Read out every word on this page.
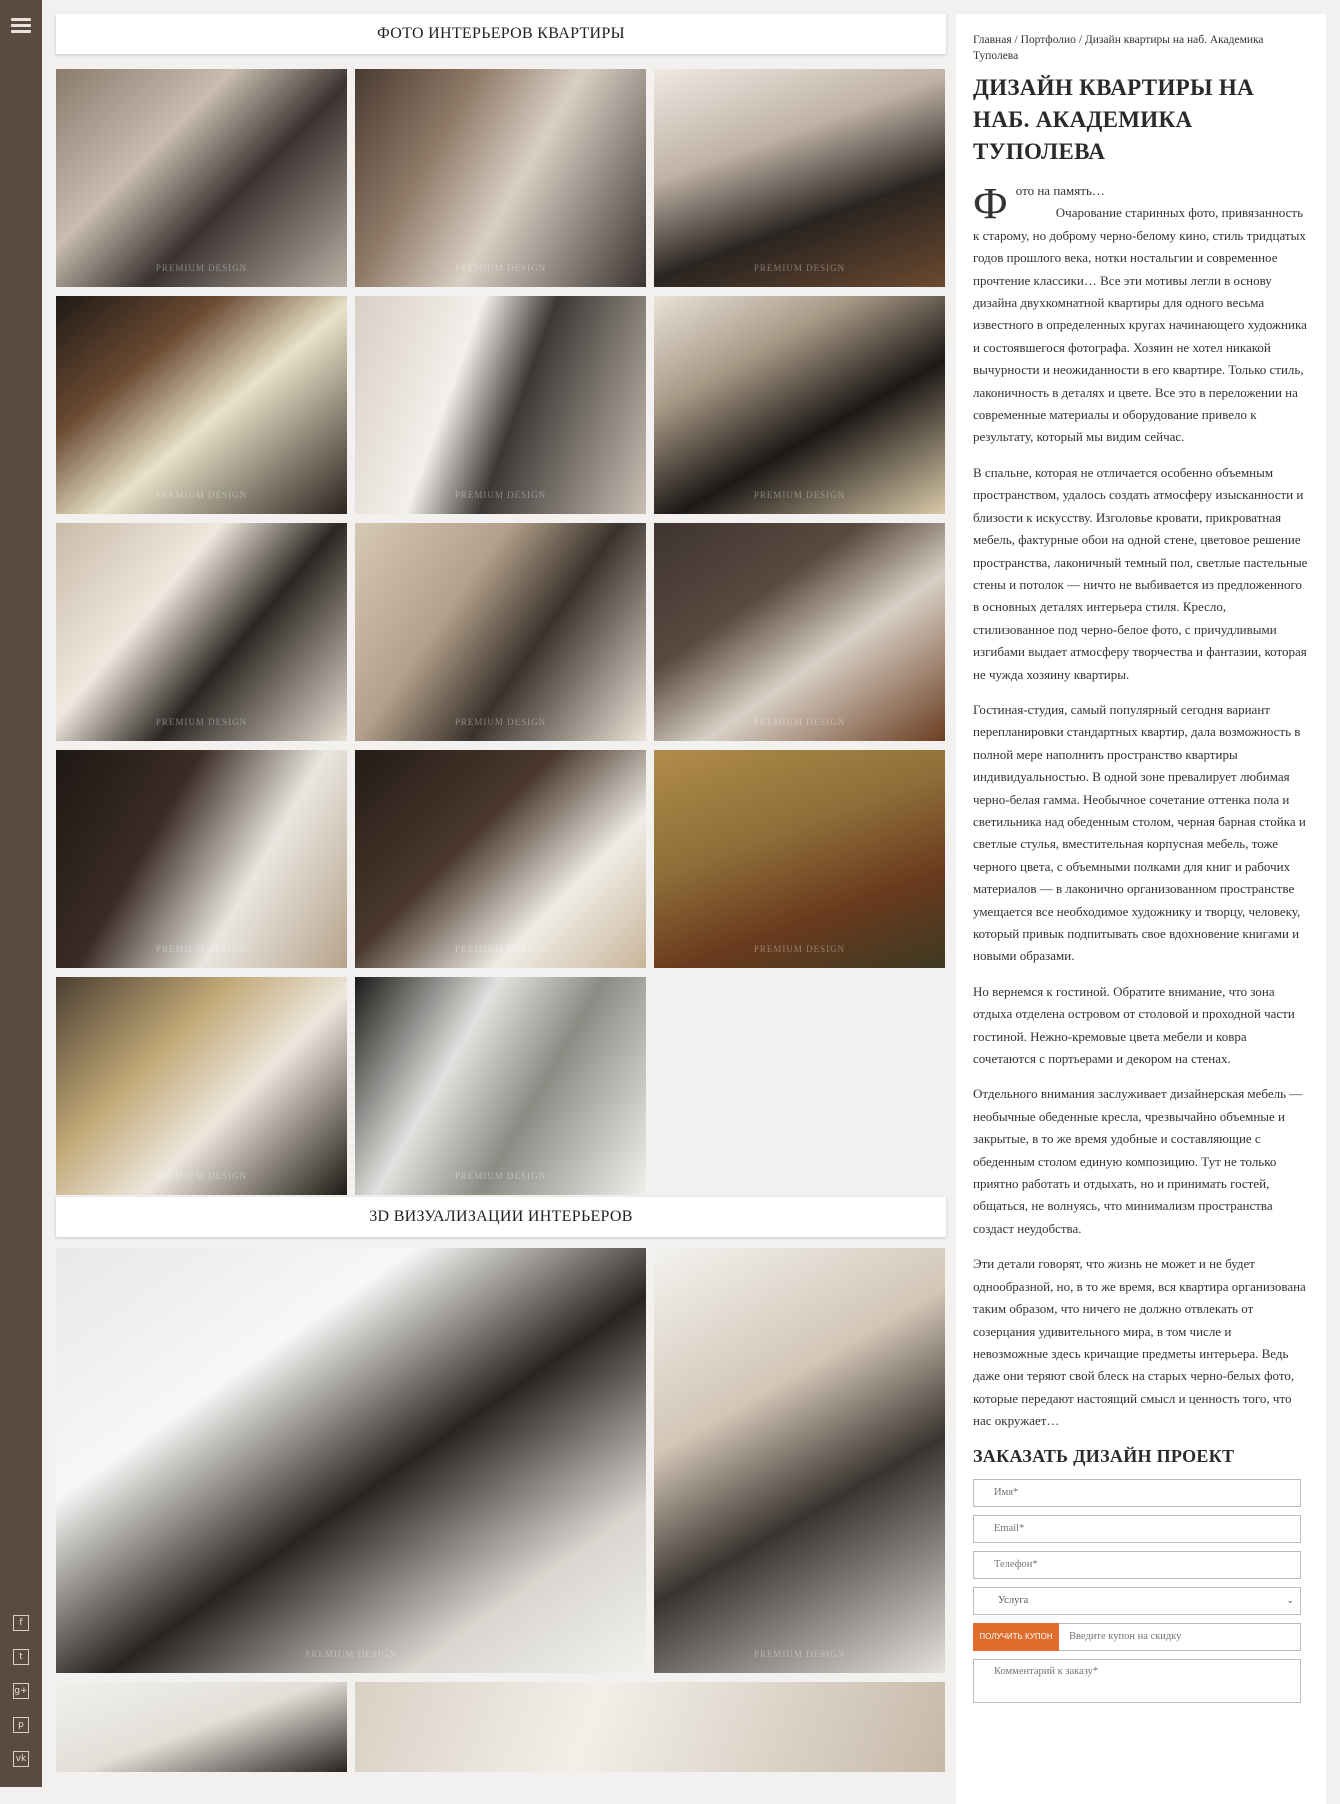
f
t
g+
p
vk
ФОТО ИНТЕРЬЕРОВ КВАРТИРЫ
PREMIUM DESIGN	PREMIUM DESIGN	PREMIUM DESIGN
PREMIUM DESIGN	PREMIUM DESIGN	PREMIUM DESIGN
PREMIUM DESIGN	PREMIUM DESIGN	PREMIUM DESIGN
PREMIUM DESIGN	PREMIUM DESIGN	PREMIUM DESIGN
PREMIUM DESIGN	PREMIUM DESIGN
3D ВИЗУАЛИЗАЦИИ ИНТЕРЬЕРОВ
PREMIUM DESIGN	PREMIUM DESIGN
Главная / Портфолио / Дизайн квартиры на наб. Академика Туполева
ДИЗАЙН КВАРТИРЫ НА НАБ. АКАДЕМИКА ТУПОЛЕВА

Фото на память…
Очарование старинных фото, привязанность к старому, но доброму черно-белому кино, стиль тридцатых годов прошлого века, нотки ностальгии и современное прочтение классики… Все эти мотивы легли в основу дизайна двухкомнатной квартиры для одного весьма известного в определенных кругах начинающего художника и состоявшегося фотографа. Хозяин не хотел никакой вычурности и неожиданности в его квартире. Только стиль, лаконичность в деталях и цвете. Все это в переложении на современные материалы и оборудование привело к результату, который мы видим сейчас.

В спальне, которая не отличается особенно объемным пространством, удалось создать атмосферу изысканности и близости к искусству. Изголовье кровати, прикроватная мебель, фактурные обои на одной стене, цветовое решение пространства, лаконичный темный пол, светлые пастельные стены и потолок — ничто не выбивается из предложенного в основных деталях интерьера стиля. Кресло, стилизованное под черно-белое фото, с причудливыми изгибами выдает атмосферу творчества и фантазии, которая не чужда хозяину квартиры.

Гостиная-студия, самый популярный сегодня вариант перепланировки стандартных квартир, дала возможность в полной мере наполнить пространство квартиры индивидуальностью. В одной зоне превалирует любимая черно-белая гамма. Необычное сочетание оттенка пола и светильника над обеденным столом, черная барная стойка и светлые стулья, вместительная корпусная мебель, тоже черного цвета, с объемными полками для книг и рабочих материалов — в лаконично организованном пространстве умещается все необходимое художнику и творцу, человеку, который привык подпитывать свое вдохновение книгами и новыми образами.

Но вернемся к гостиной. Обратите внимание, что зона отдыха отделена островом от столовой и проходной части гостиной. Нежно-кремовые цвета мебели и ковра сочетаются с портьерами и декором на стенах.

Отдельного внимания заслуживает дизайнерская мебель — необычные обеденные кресла, чрезвычайно объемные и закрытые, в то же время удобные и составляющие с обеденным столом единую композицию. Тут не только приятно работать и отдыхать, но и принимать гостей, общаться, не волнуясь, что минимализм пространства создаст неудобства.

Эти детали говорят, что жизнь не может и не будет однообразной, но, в то же время, вся квартира организована таким образом, что ничего не должно отвлекать от созерцания удивительного мира, в том числе и невозможные здесь кричащие предметы интерьера. Ведь даже они теряют свой блеск на старых черно-белых фото, которые передают настоящий смысл и ценность того, что нас окружает…

ЗАКАЗАТЬ ДИЗАЙН ПРОЕКТ
Имя*
Email*
Телефон*
Услуга	⌄
ПОЛУЧИТЬ КУПОН
Введите купон на скидку
Комментарий к заказу*
